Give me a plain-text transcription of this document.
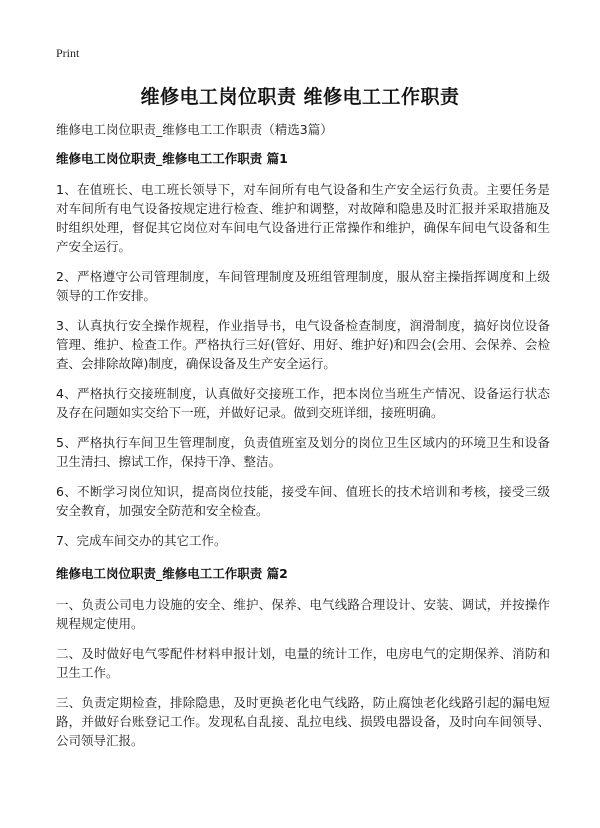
Print
维修电工岗位职责 维修电工工作职责
维修电工岗位职责_维修电工工作职责（精选3篇）
维修电工岗位职责_维修电工工作职责 篇1

1、在值班长、电工班长领导下，对车间所有电气设备和生产安全运行负责。主要任务是对车间所有电气设备按规定进行检查、维护和调整，对故障和隐患及时汇报并采取措施及时组织处理，督促其它岗位对车间电气设备进行正常操作和维护，确保车间电气设备和生产安全运行。

2、严格遵守公司管理制度，车间管理制度及班组管理制度，服从窑主操指挥调度和上级领导的工作安排。

3、认真执行安全操作规程，作业指导书，电气设备检查制度，润滑制度，搞好岗位设备管理、维护、检查工作。严格执行三好(管好、用好、维护好)和四会(会用、会保养、会检查、会排除故障)制度，确保设备及生产安全运行。

4、严格执行交接班制度，认真做好交接班工作，把本岗位当班生产情况、设备运行状态及存在问题如实交给下一班，并做好记录。做到交班详细，接班明确。

5、严格执行车间卫生管理制度，负责值班室及划分的岗位卫生区域内的环境卫生和设备卫生清扫、擦试工作，保持干净、整洁。

6、不断学习岗位知识，提高岗位技能，接受车间、值班长的技术培训和考核，接受三级安全教育，加强安全防范和安全检查。

7、完成车间交办的其它工作。

维修电工岗位职责_维修电工工作职责 篇2

一、负责公司电力设施的安全、维护、保养、电气线路合理设计、安装、调试，并按操作规程规定使用。

二、及时做好电气零配件材料申报计划，电量的统计工作，电房电气的定期保养、消防和卫生工作。

三、负责定期检查，排除隐患，及时更换老化电气线路，防止腐蚀老化线路引起的漏电短路，并做好台账登记工作。发现私自乱接、乱拉电线、损毁电器设备，及时向车间领导、公司领导汇报。
